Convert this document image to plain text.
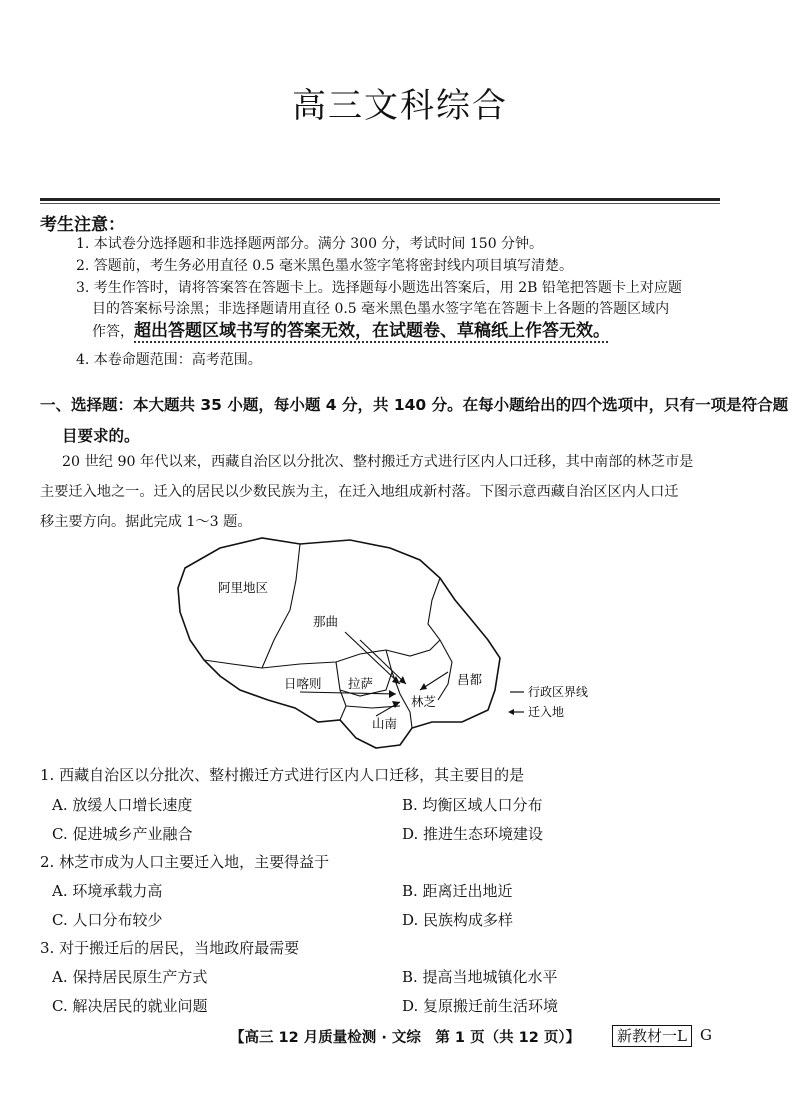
高三文科综合
考生注意：
1. 本试卷分选择题和非选择题两部分。满分 300 分，考试时间 150 分钟。
2. 答题前，考生务必用直径 0.5 毫米黑色墨水签字笔将密封线内项目填写清楚。
3. 考生作答时，请将答案答在答题卡上。选择题每小题选出答案后，用 2B 铅笔把答题卡上对应题
目的答案标号涂黑；非选择题请用直径 0.5 毫米黑色墨水签字笔在答题卡上各题的答题区域内
作答，超出答题区域书写的答案无效，在试题卷、草稿纸上作答无效。
4. 本卷命题范围：高考范围。
一、选择题：本大题共 35 小题，每小题 4 分，共 140 分。在每小题给出的四个选项中，只有一项是符合题
目要求的。
20 世纪 90 年代以来，西藏自治区以分批次、整村搬迁方式进行区内人口迁移，其中南部的林芝市是
主要迁入地之一。迁入的居民以少数民族为主，在迁入地组成新村落。下图示意西藏自治区区内人口迁
移主要方向。据此完成 1～3 题。
阿里地区
那曲
日喀则 拉萨	昌都
林芝
山南
行政区界线
迁入地
1. 西藏自治区以分批次、整村搬迁方式进行区内人口迁移，其主要目的是
A. 放缓人口增长速度	B. 均衡区域人口分布
C. 促进城乡产业融合	D. 推进生态环境建设
2. 林芝市成为人口主要迁入地，主要得益于
A. 环境承载力高	B. 距离迁出地近
C. 人口分布较少	D. 民族构成多样
3. 对于搬迁后的居民，当地政府最需要
A. 保持居民原生产方式	B. 提高当地城镇化水平
C. 解决居民的就业问题	D. 复原搬迁前生活环境
【高三 12 月质量检测 · 文综　第 1 页（共 12 页）】	新教材一L G
